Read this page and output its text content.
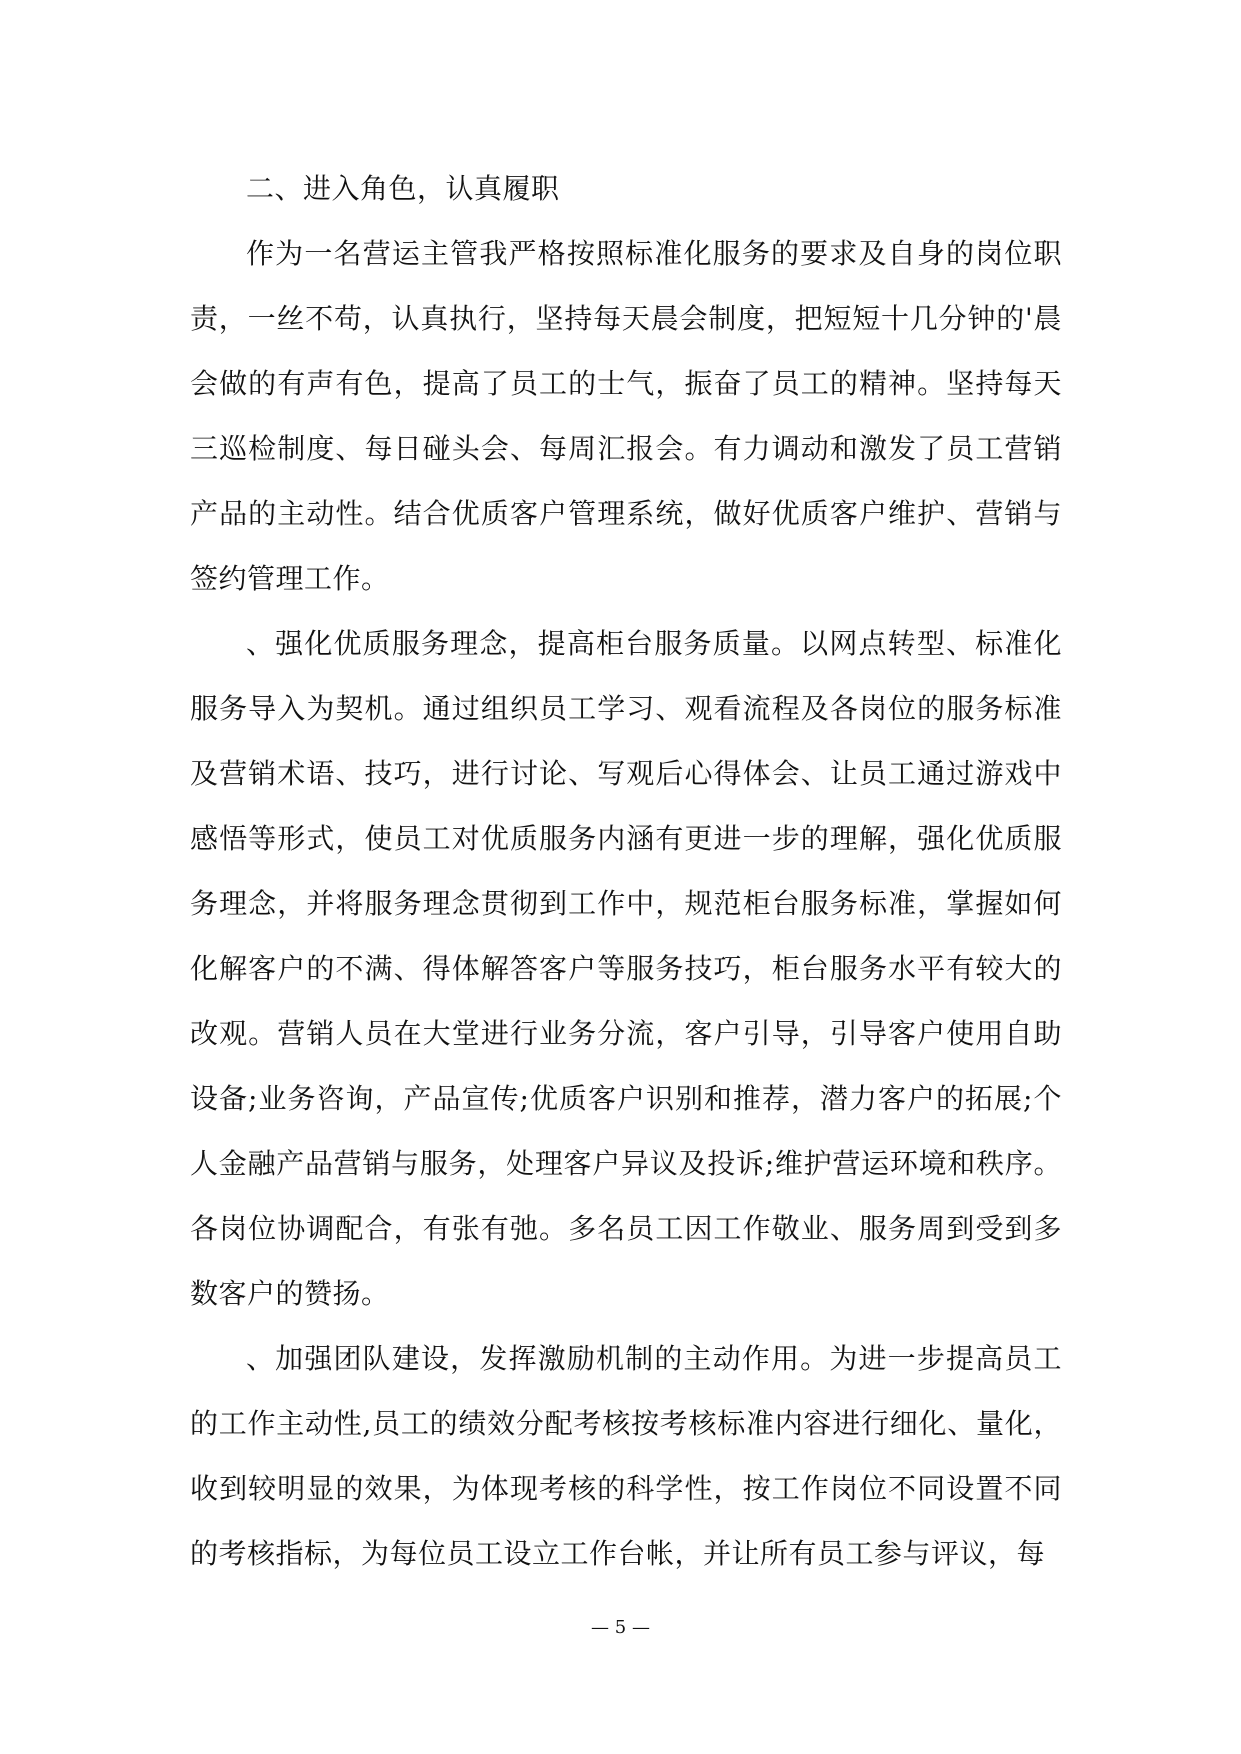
二、进入角色，认真履职

作为一名营运主管我严格按照标准化服务的要求及自身的岗位职责，一丝不苟，认真执行，坚持每天晨会制度，把短短十几分钟的'晨会做的有声有色，提高了员工的士气，振奋了员工的精神。坚持每天三巡检制度、每日碰头会、每周汇报会。有力调动和激发了员工营销产品的主动性。结合优质客户管理系统，做好优质客户维护、营销与签约管理工作。

、强化优质服务理念，提高柜台服务质量。以网点转型、标准化服务导入为契机。通过组织员工学习、观看流程及各岗位的服务标准及营销术语、技巧，进行讨论、写观后心得体会、让员工通过游戏中感悟等形式，使员工对优质服务内涵有更进一步的理解，强化优质服务理念，并将服务理念贯彻到工作中，规范柜台服务标准，掌握如何化解客户的不满、得体解答客户等服务技巧，柜台服务水平有较大的改观。营销人员在大堂进行业务分流，客户引导，引导客户使用自助设备;业务咨询，产品宣传;优质客户识别和推荐，潜力客户的拓展;个人金融产品营销与服务，处理客户异议及投诉;维护营运环境和秩序。各岗位协调配合，有张有弛。多名员工因工作敬业、服务周到受到多数客户的赞扬。

、加强团队建设，发挥激励机制的主动作用。为进一步提高员工的工作主动性,员工的绩效分配考核按考核标准内容进行细化、量化，收到较明显的效果，为体现考核的科学性，按工作岗位不同设置不同的考核指标，为每位员工设立工作台帐，并让所有员工参与评议，每

— 5 —
